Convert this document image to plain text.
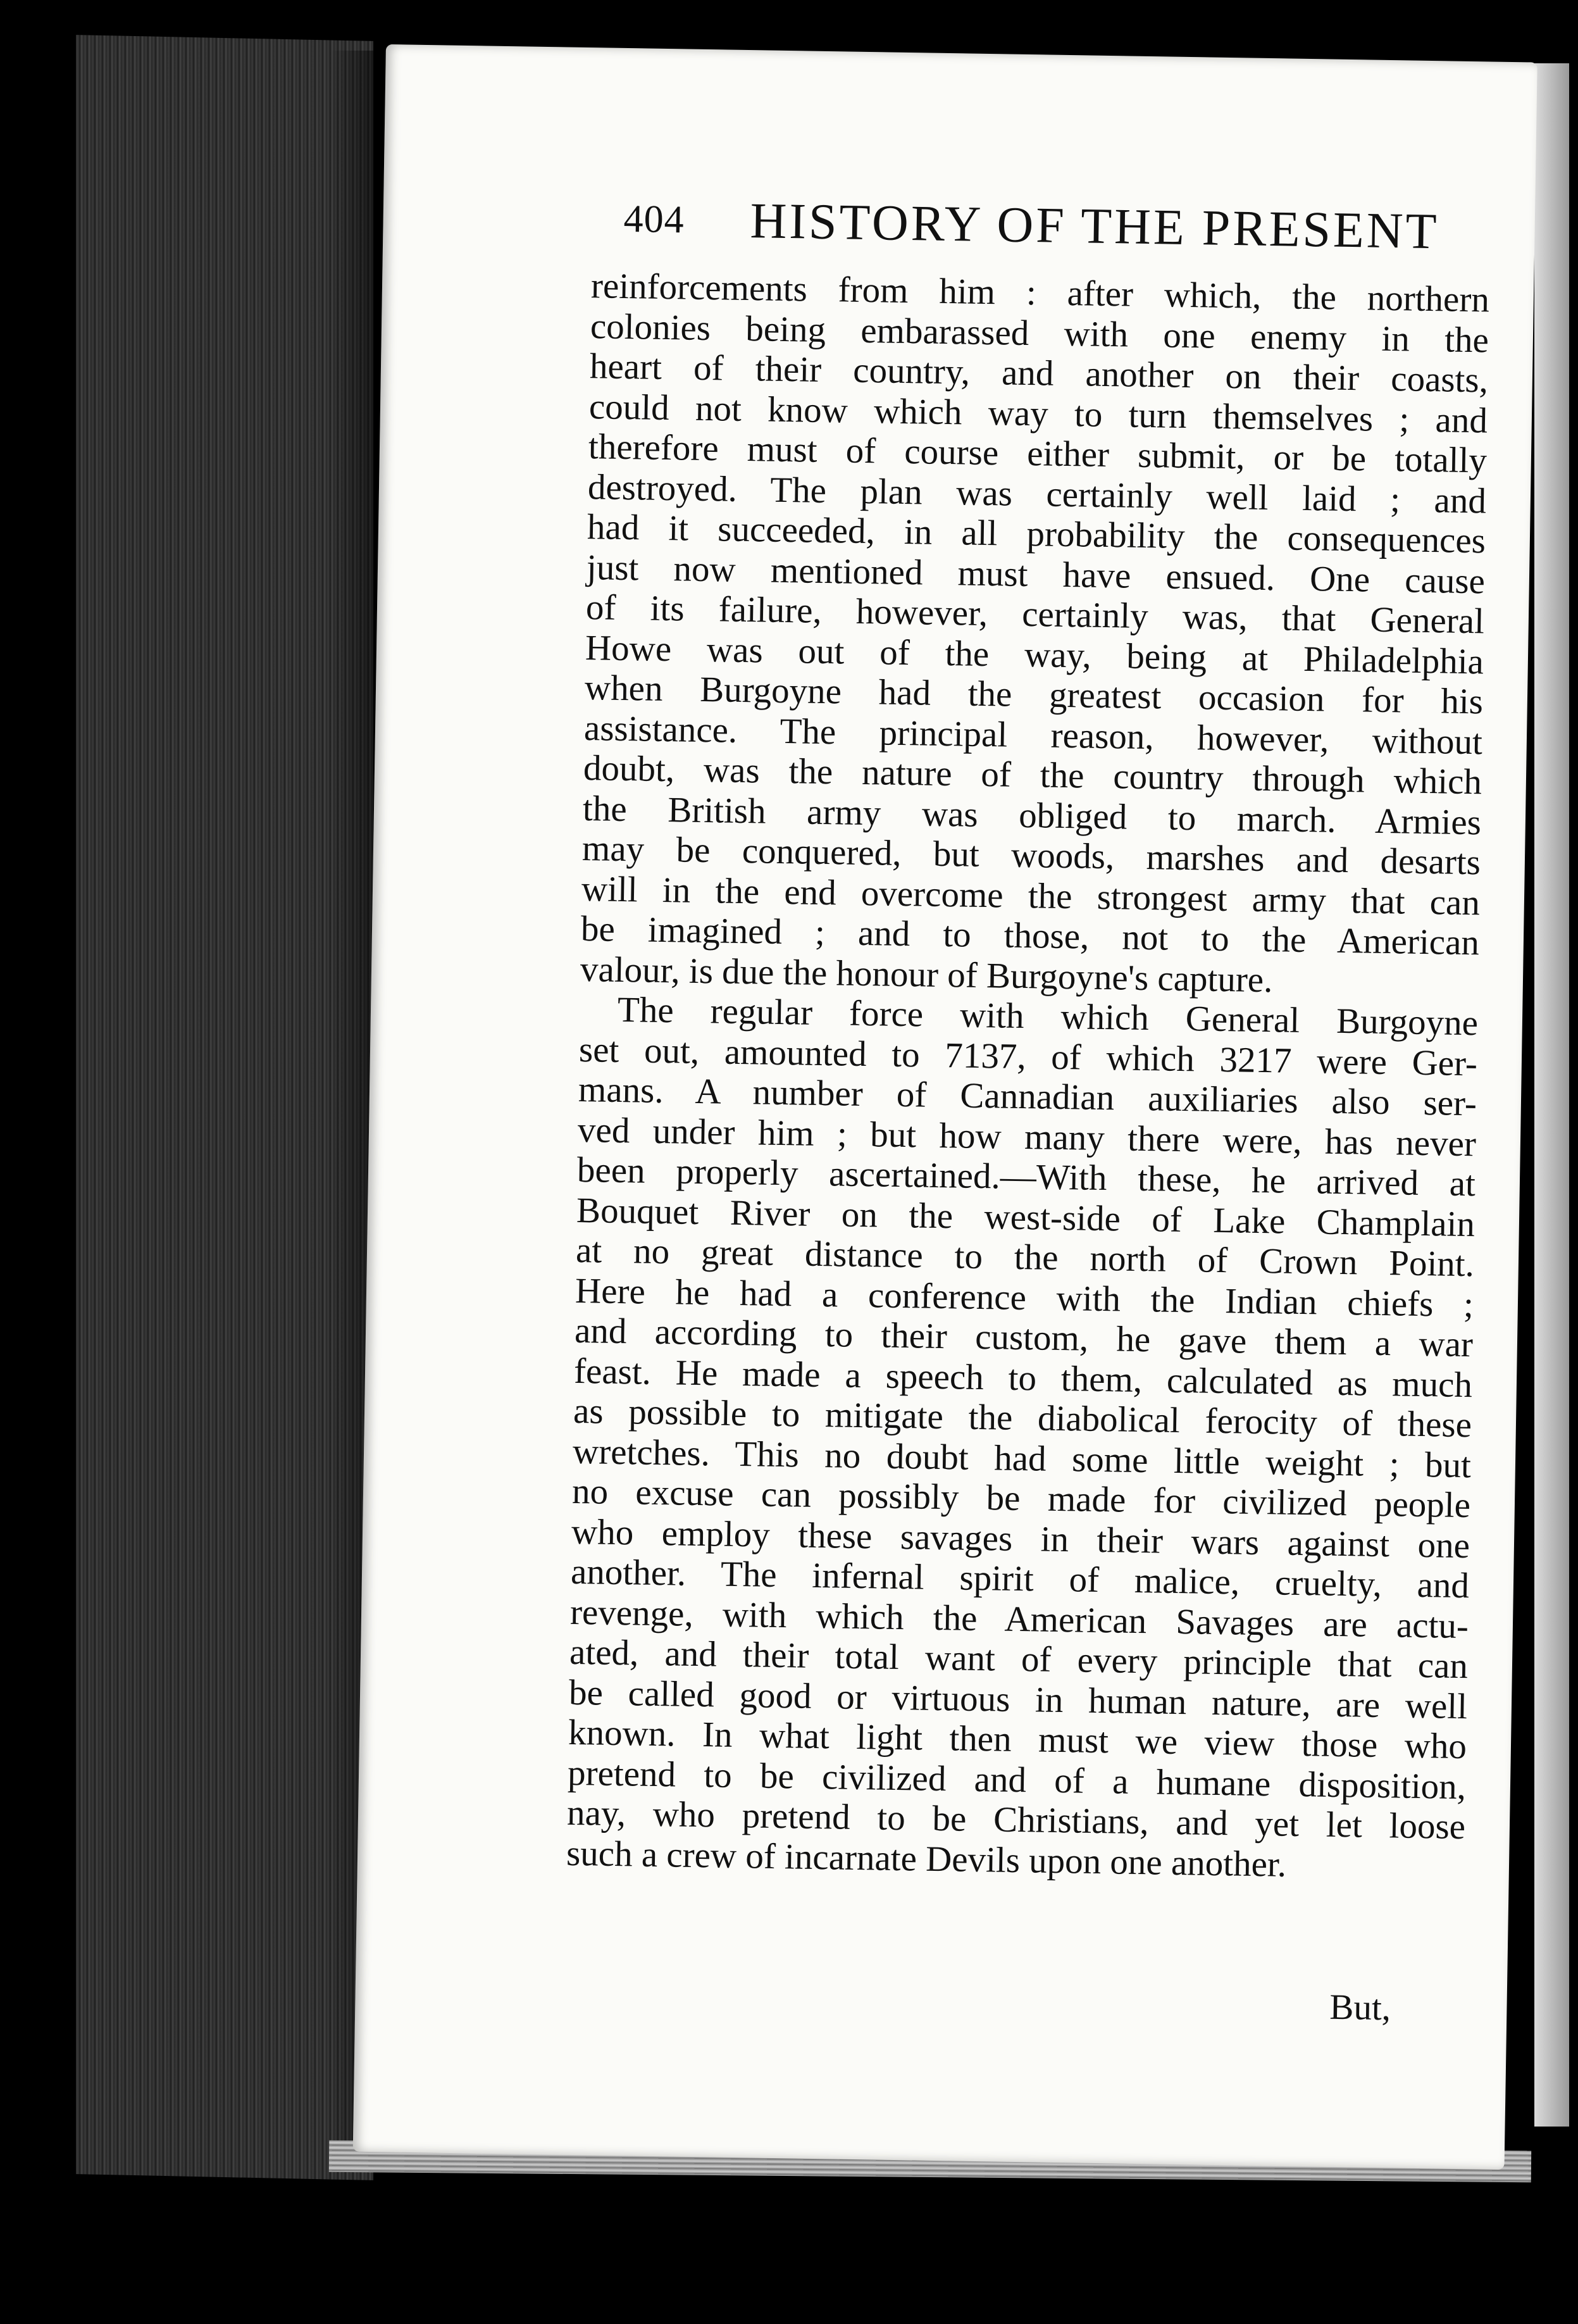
404 HISTORY OF THE PRESENT
reinforcements from him : after which, the northern
colonies being embarassed with one enemy in the
heart of their country, and another on their coasts,
could not know which way to turn themselves ; and
therefore must of course either submit, or be totally
destroyed. The plan was certainly well laid ; and
had it succeeded, in all probability the consequences
just now mentioned must have ensued. One cause
of its failure, however, certainly was, that General
Howe was out of the way, being at Philadelphia
when Burgoyne had the greatest occasion for his
assistance. The principal reason, however, without
doubt, was the nature of the country through which
the British army was obliged to march. Armies
may be conquered, but woods, marshes and desarts
will in the end overcome the strongest army that can
be imagined ; and to those, not to the American
valour, is due the honour of Burgoyne's capture.
The regular force with which General Burgoyne
set out, amounted to 7137, of which 3217 were Ger-
mans. A number of Cannadian auxiliaries also ser-
ved under him ; but how many there were, has never
been properly ascertained.—With these, he arrived at
Bouquet River on the west-side of Lake Champlain
at no great distance to the north of Crown Point.
Here he had a conference with the Indian chiefs ;
and according to their custom, he gave them a war
feast. He made a speech to them, calculated as much
as possible to mitigate the diabolical ferocity of these
wretches. This no doubt had some little weight ; but
no excuse can possibly be made for civilized people
who employ these savages in their wars against one
another. The infernal spirit of malice, cruelty, and
revenge, with which the American Savages are actu-
ated, and their total want of every principle that can
be called good or virtuous in human nature, are well
known. In what light then must we view those who
pretend to be civilized and of a humane disposition,
nay, who pretend to be Christians, and yet let loose
such a crew of incarnate Devils upon one another.
But,
